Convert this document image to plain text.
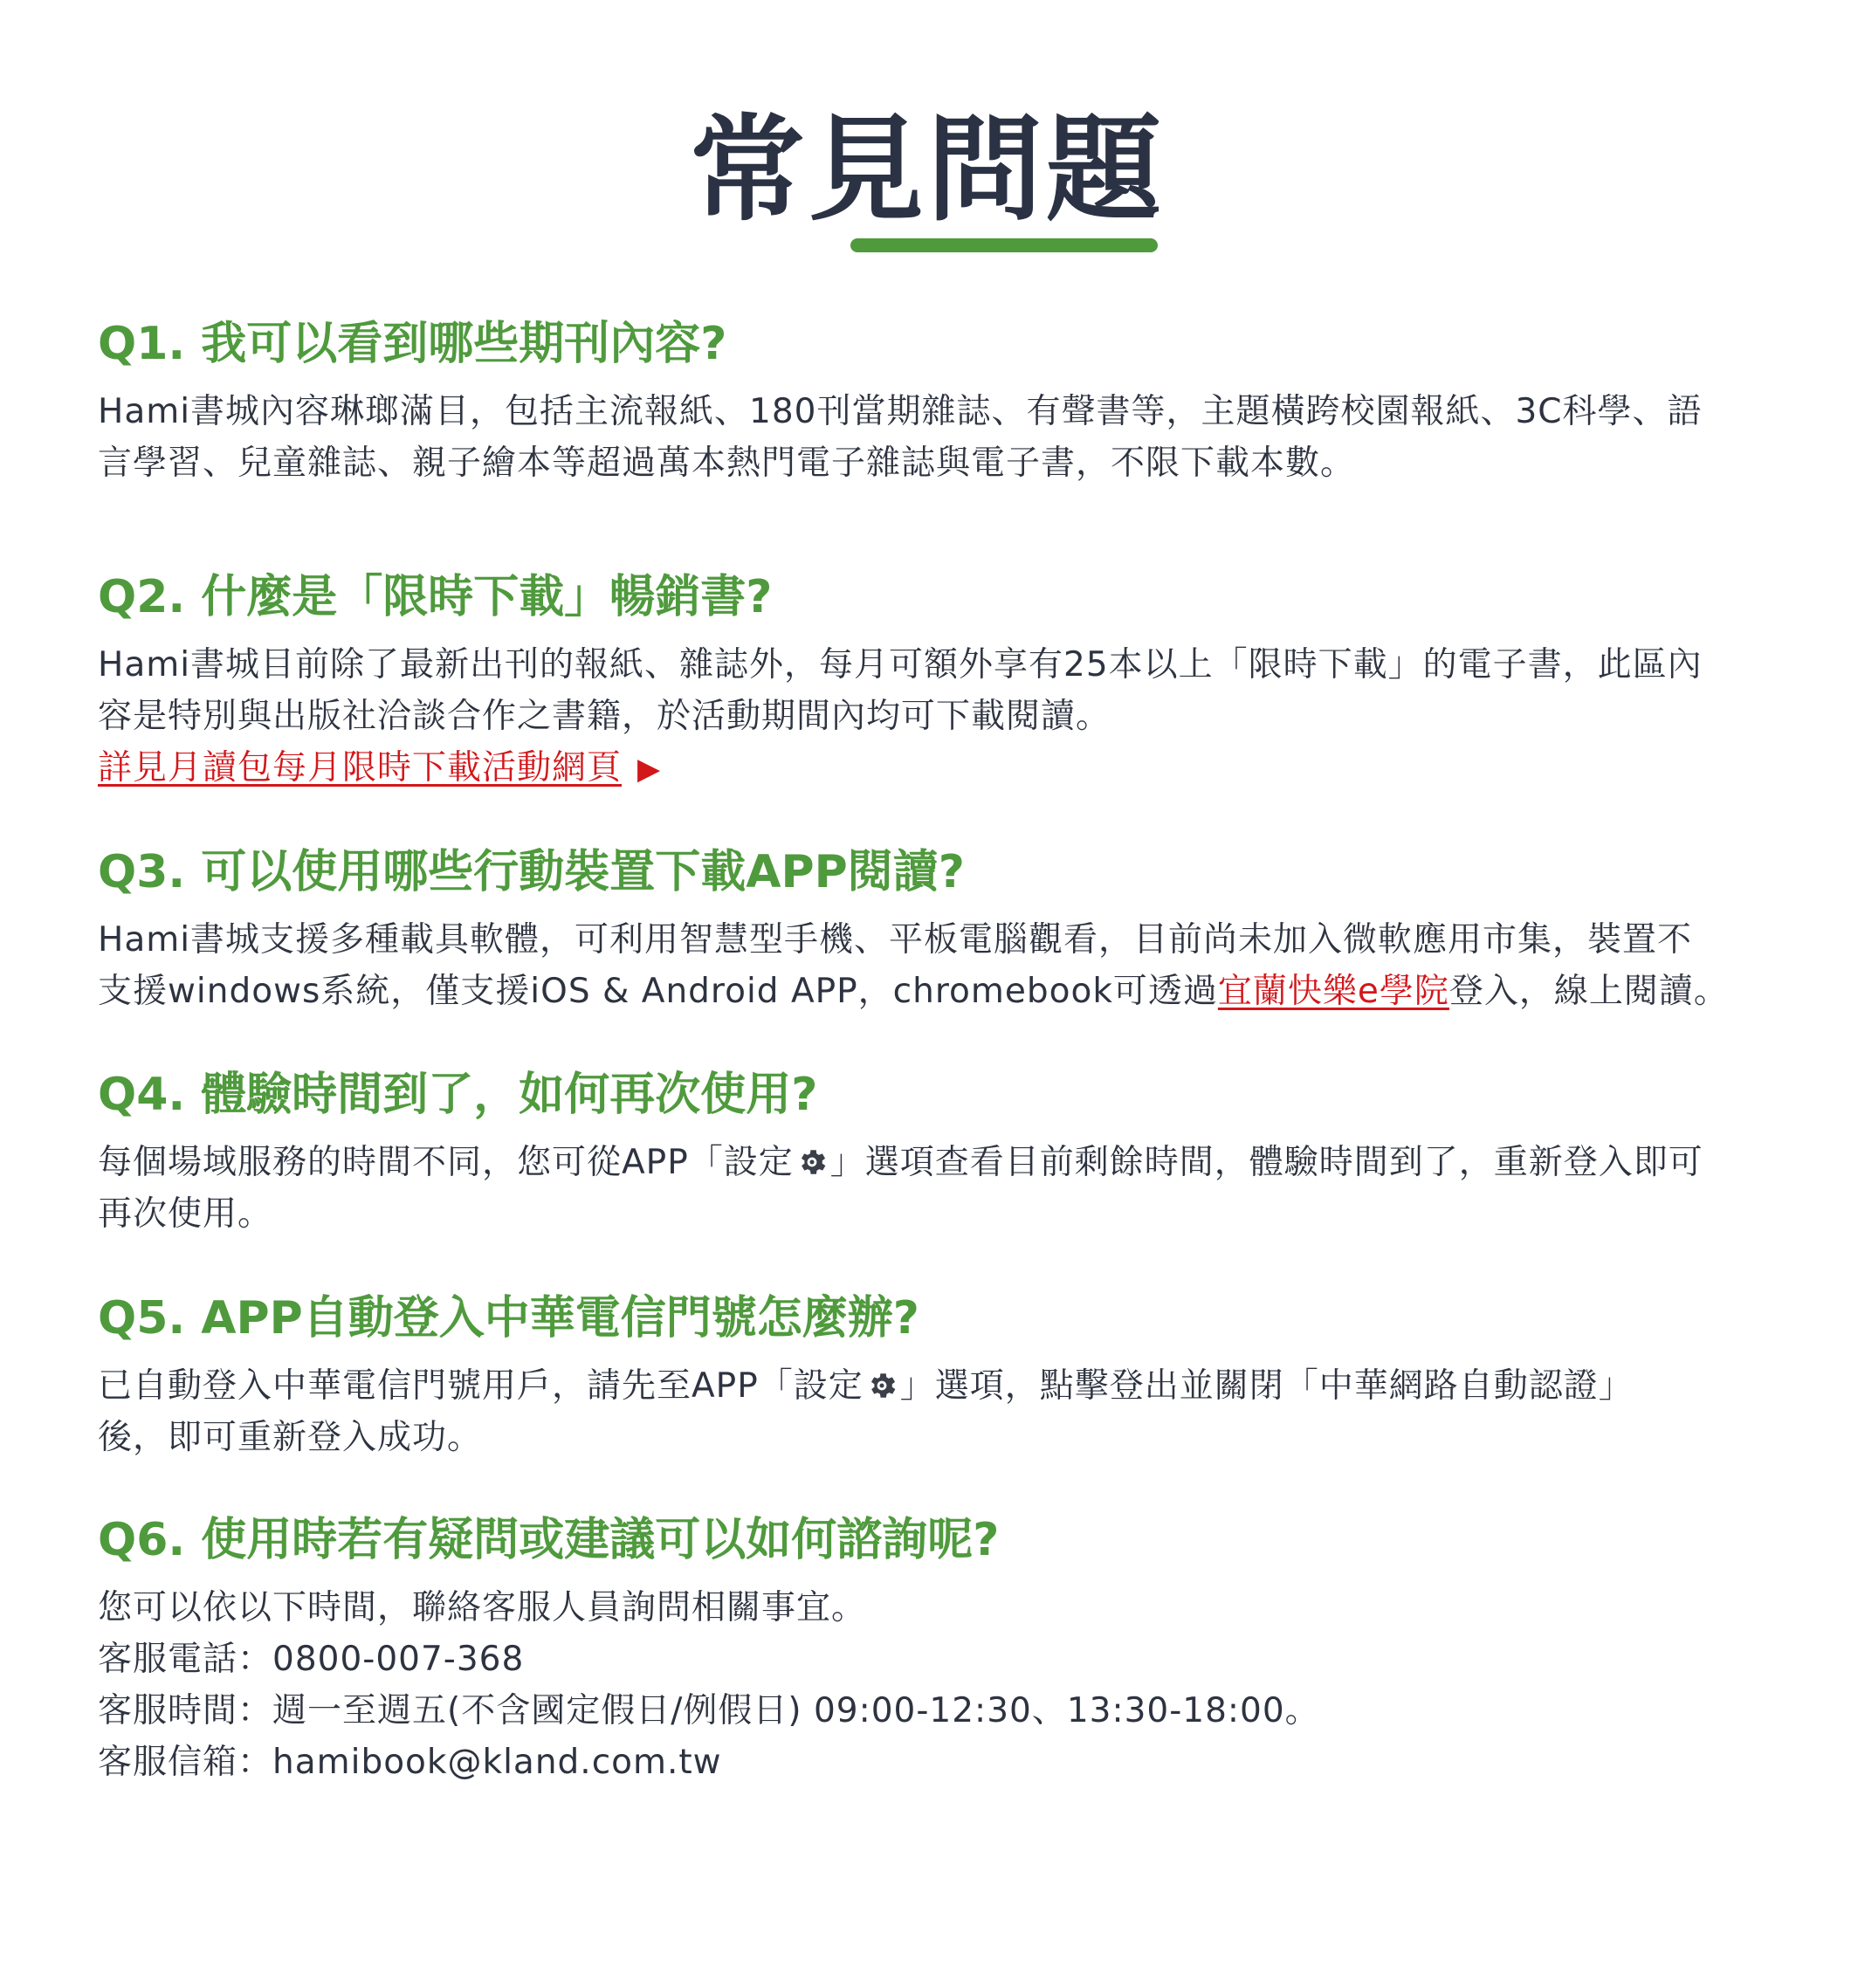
常見問題

Q1. 我可以看到哪些期刊內容?

Hami書城內容琳瑯滿目，包括主流報紙、180刊當期雜誌、有聲書等，主題橫跨校園報紙、3C科學、語
言學習、兒童雜誌、親子繪本等超過萬本熱門電子雜誌與電子書，不限下載本數。

Q2. 什麼是「限時下載」暢銷書?

Hami書城目前除了最新出刊的報紙、雜誌外，每月可額外享有25本以上「限時下載」的電子書，此區內
容是特別與出版社洽談合作之書籍，於活動期間內均可下載閱讀。
詳見月讀包每月限時下載活動網頁 ▶

Q3. 可以使用哪些行動裝置下載APP閱讀?

Hami書城支援多種載具軟體，可利用智慧型手機、平板電腦觀看，目前尚未加入微軟應用市集，裝置不
支援windows系統，僅支援iOS & Android APP，chromebook可透過宜蘭快樂e學院登入，線上閱讀。

Q4. 體驗時間到了，如何再次使用?

每個場域服務的時間不同，您可從APP「設定 」選項查看目前剩餘時間，體驗時間到了，重新登入即可
再次使用。

Q5. APP自動登入中華電信門號怎麼辦?

已自動登入中華電信門號用戶，請先至APP「設定 」選項，點擊登出並關閉「中華網路自動認證」
後，即可重新登入成功。

Q6. 使用時若有疑問或建議可以如何諮詢呢?

您可以依以下時間，聯絡客服人員詢問相關事宜。
客服電話：0800-007-368
客服時間：週一至週五(不含國定假日/例假日) 09:00-12:30、13:30-18:00。
客服信箱：hamibook@kland.com.tw
